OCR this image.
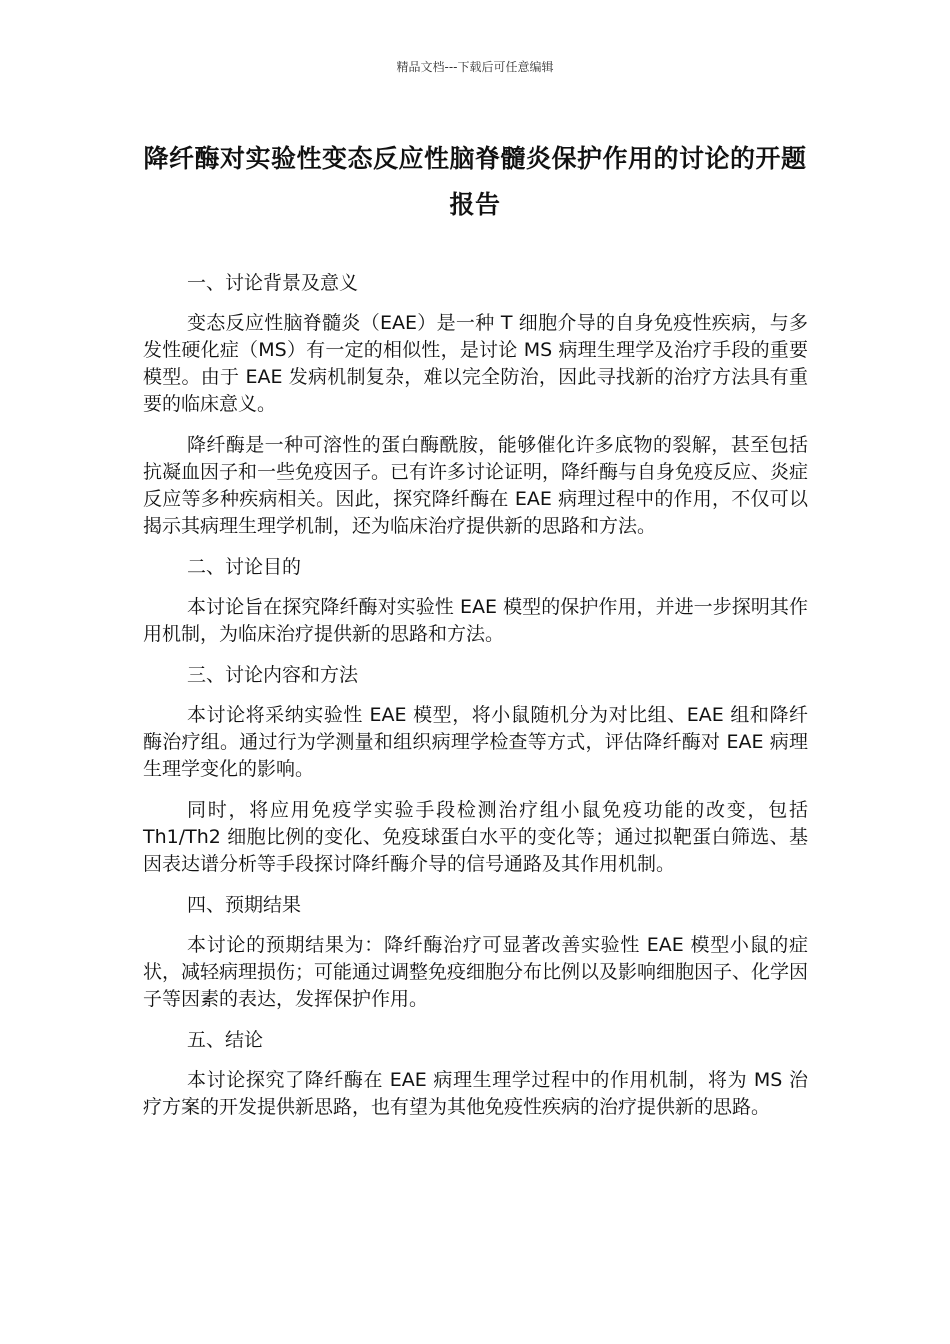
精品文档---下载后可任意编辑
降纤酶对实验性变态反应性脑脊髓炎保护作用的讨论的开题报告
一、讨论背景及意义

变态反应性脑脊髓炎（EAE）是一种 T 细胞介导的自身免疫性疾病，与多发性硬化症（MS）有一定的相似性，是讨论 MS 病理生理学及治疗手段的重要模型。由于 EAE 发病机制复杂，难以完全防治，因此寻找新的治疗方法具有重要的临床意义。

降纤酶是一种可溶性的蛋白酶酰胺，能够催化许多底物的裂解，甚至包括抗凝血因子和一些免疫因子。已有许多讨论证明，降纤酶与自身免疫反应、炎症反应等多种疾病相关。因此，探究降纤酶在 EAE 病理过程中的作用，不仅可以揭示其病理生理学机制，还为临床治疗提供新的思路和方法。

二、讨论目的

本讨论旨在探究降纤酶对实验性 EAE 模型的保护作用，并进一步探明其作用机制，为临床治疗提供新的思路和方法。

三、讨论内容和方法

本讨论将采纳实验性 EAE 模型，将小鼠随机分为对比组、EAE 组和降纤酶治疗组。通过行为学测量和组织病理学检查等方式，评估降纤酶对 EAE 病理生理学变化的影响。

同时，将应用免疫学实验手段检测治疗组小鼠免疫功能的改变，包括 Th1/Th2 细胞比例的变化、免疫球蛋白水平的变化等；通过拟靶蛋白筛选、基因表达谱分析等手段探讨降纤酶介导的信号通路及其作用机制。

四、预期结果

本讨论的预期结果为：降纤酶治疗可显著改善实验性 EAE 模型小鼠的症状，减轻病理损伤；可能通过调整免疫细胞分布比例以及影响细胞因子、化学因子等因素的表达，发挥保护作用。

五、结论

本讨论探究了降纤酶在 EAE 病理生理学过程中的作用机制，将为 MS 治疗方案的开发提供新思路，也有望为其他免疫性疾病的治疗提供新的思路。
